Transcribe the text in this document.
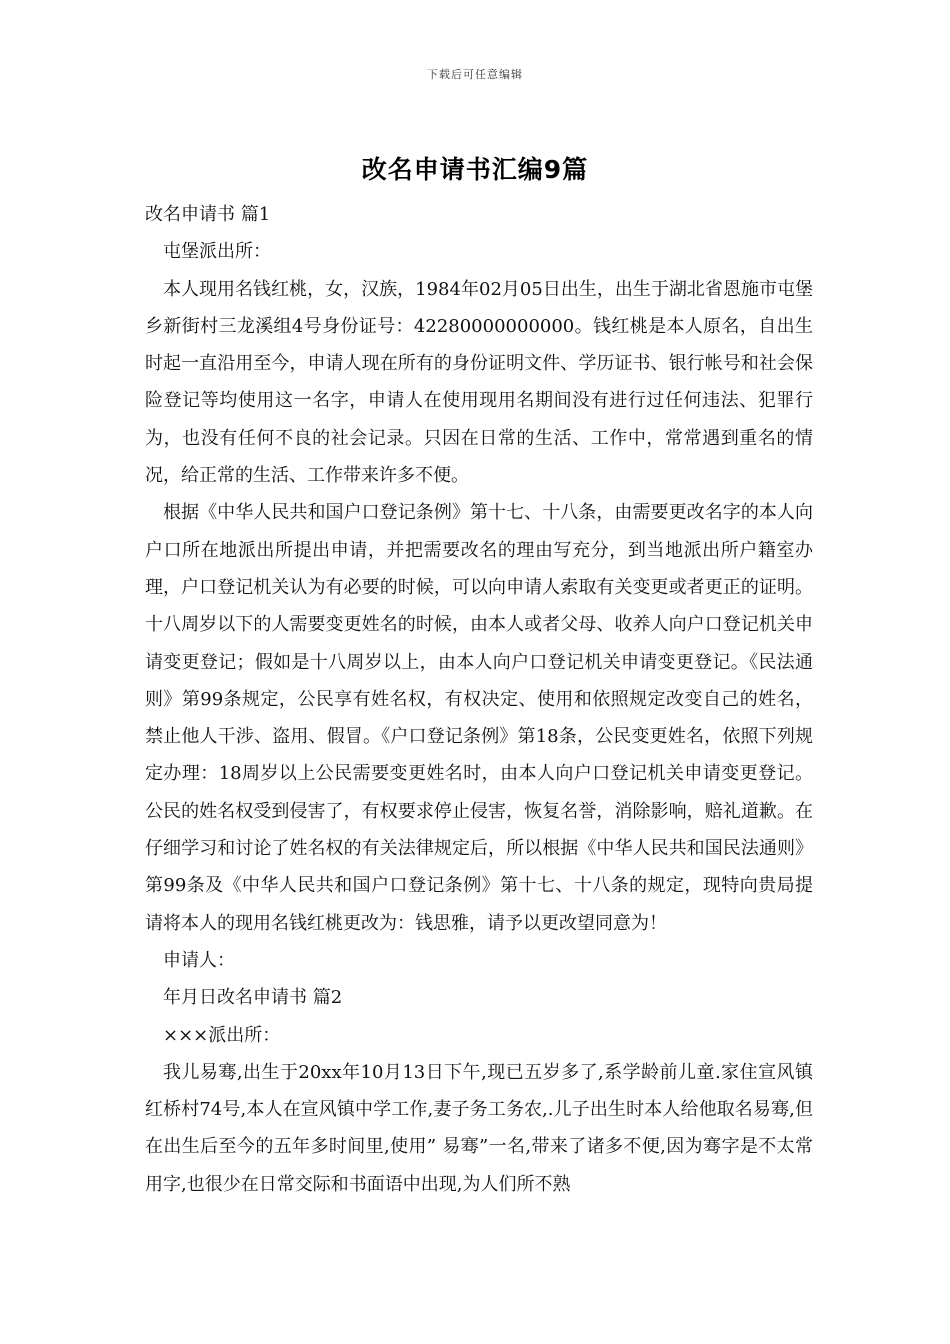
下载后可任意编辑
改名申请书汇编9篇

改名申请书 篇1

屯堡派出所：

本人现用名钱红桃，女，汉族，1984年02月05日出生，出生于湖北省恩施市屯堡乡新街村三龙溪组4号身份证号：42280000000000。钱红桃是本人原名，自出生时起一直沿用至今，申请人现在所有的身份证明文件、学历证书、银行帐号和社会保险登记等均使用这一名字，申请人在使用现用名期间没有进行过任何违法、犯罪行为，也没有任何不良的社会记录。只因在日常的生活、工作中，常常遇到重名的情况，给正常的生活、工作带来许多不便。

根据《中华人民共和国户口登记条例》第十七、十八条，由需要更改名字的本人向户口所在地派出所提出申请，并把需要改名的理由写充分，到当地派出所户籍室办理，户口登记机关认为有必要的时候，可以向申请人索取有关变更或者更正的证明。十八周岁以下的人需要变更姓名的时候，由本人或者父母、收养人向户口登记机关申请变更登记；假如是十八周岁以上，由本人向户口登记机关申请变更登记。《民法通则》第99条规定，公民享有姓名权，有权决定、使用和依照规定改变自己的姓名，禁止他人干涉、盗用、假冒。《户口登记条例》第18条，公民变更姓名，依照下列规定办理：18周岁以上公民需要变更姓名时，由本人向户口登记机关申请变更登记。公民的姓名权受到侵害了，有权要求停止侵害，恢复名誉，消除影响，赔礼道歉。在仔细学习和讨论了姓名权的有关法律规定后，所以根据《中华人民共和国民法通则》第99条及《中华人民共和国户口登记条例》第十七、十八条的规定，现特向贵局提请将本人的现用名钱红桃更改为：钱思雅，请予以更改望同意为！

申请人：

年月日改名申请书 篇2

×××派出所：

我儿易骞,出生于20xx年10月13日下午,现已五岁多了,系学龄前儿童.家住宣风镇红桥村74号,本人在宣风镇中学工作,妻子务工务农,.儿子出生时本人给他取名易骞,但在出生后至今的五年多时间里,使用” 易骞”一名,带来了诸多不便,因为骞字是不太常用字,也很少在日常交际和书面语中出现,为人们所不熟
